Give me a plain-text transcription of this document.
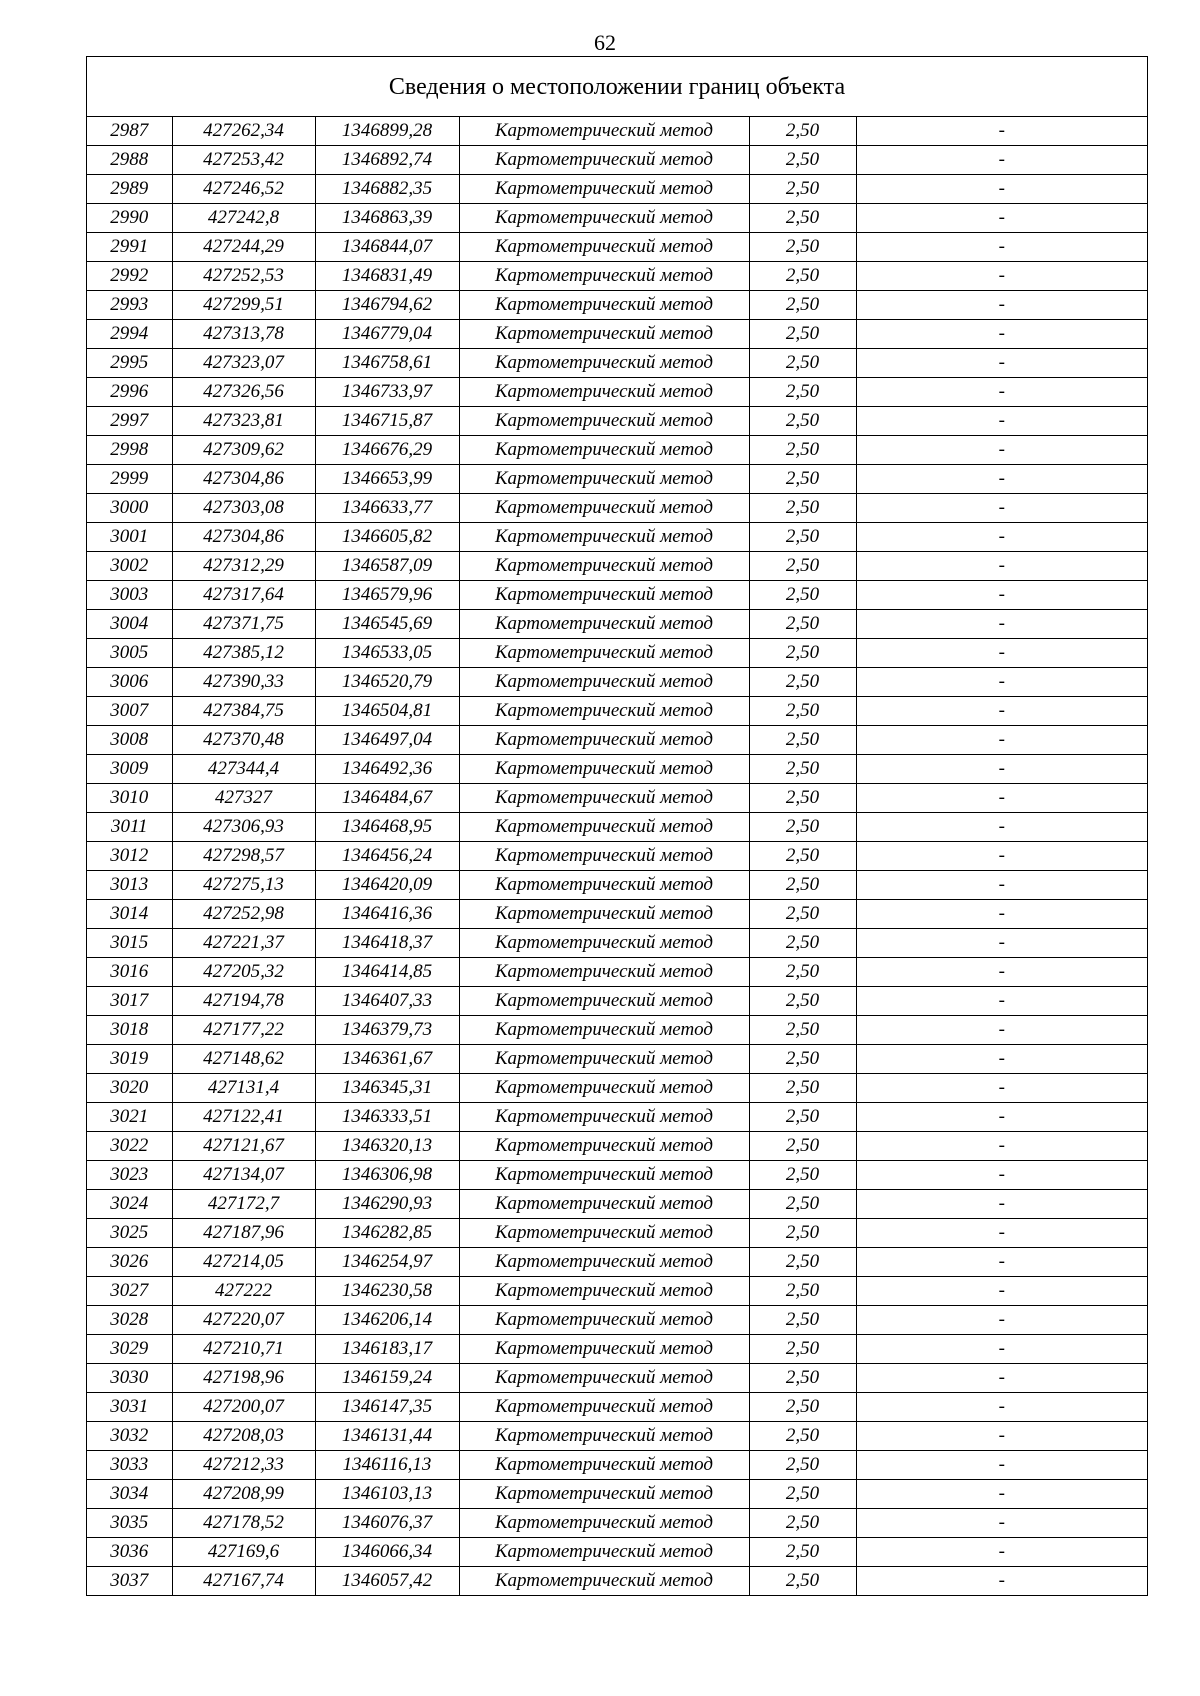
62
Сведения о местоположении границ объекта
2987	427262,34	1346899,28	Картометрический метод	2,50	-
2988	427253,42	1346892,74	Картометрический метод	2,50	-
2989	427246,52	1346882,35	Картометрический метод	2,50	-
2990	427242,8	1346863,39	Картометрический метод	2,50	-
2991	427244,29	1346844,07	Картометрический метод	2,50	-
2992	427252,53	1346831,49	Картометрический метод	2,50	-
2993	427299,51	1346794,62	Картометрический метод	2,50	-
2994	427313,78	1346779,04	Картометрический метод	2,50	-
2995	427323,07	1346758,61	Картометрический метод	2,50	-
2996	427326,56	1346733,97	Картометрический метод	2,50	-
2997	427323,81	1346715,87	Картометрический метод	2,50	-
2998	427309,62	1346676,29	Картометрический метод	2,50	-
2999	427304,86	1346653,99	Картометрический метод	2,50	-
3000	427303,08	1346633,77	Картометрический метод	2,50	-
3001	427304,86	1346605,82	Картометрический метод	2,50	-
3002	427312,29	1346587,09	Картометрический метод	2,50	-
3003	427317,64	1346579,96	Картометрический метод	2,50	-
3004	427371,75	1346545,69	Картометрический метод	2,50	-
3005	427385,12	1346533,05	Картометрический метод	2,50	-
3006	427390,33	1346520,79	Картометрический метод	2,50	-
3007	427384,75	1346504,81	Картометрический метод	2,50	-
3008	427370,48	1346497,04	Картометрический метод	2,50	-
3009	427344,4	1346492,36	Картометрический метод	2,50	-
3010	427327	1346484,67	Картометрический метод	2,50	-
3011	427306,93	1346468,95	Картометрический метод	2,50	-
3012	427298,57	1346456,24	Картометрический метод	2,50	-
3013	427275,13	1346420,09	Картометрический метод	2,50	-
3014	427252,98	1346416,36	Картометрический метод	2,50	-
3015	427221,37	1346418,37	Картометрический метод	2,50	-
3016	427205,32	1346414,85	Картометрический метод	2,50	-
3017	427194,78	1346407,33	Картометрический метод	2,50	-
3018	427177,22	1346379,73	Картометрический метод	2,50	-
3019	427148,62	1346361,67	Картометрический метод	2,50	-
3020	427131,4	1346345,31	Картометрический метод	2,50	-
3021	427122,41	1346333,51	Картометрический метод	2,50	-
3022	427121,67	1346320,13	Картометрический метод	2,50	-
3023	427134,07	1346306,98	Картометрический метод	2,50	-
3024	427172,7	1346290,93	Картометрический метод	2,50	-
3025	427187,96	1346282,85	Картометрический метод	2,50	-
3026	427214,05	1346254,97	Картометрический метод	2,50	-
3027	427222	1346230,58	Картометрический метод	2,50	-
3028	427220,07	1346206,14	Картометрический метод	2,50	-
3029	427210,71	1346183,17	Картометрический метод	2,50	-
3030	427198,96	1346159,24	Картометрический метод	2,50	-
3031	427200,07	1346147,35	Картометрический метод	2,50	-
3032	427208,03	1346131,44	Картометрический метод	2,50	-
3033	427212,33	1346116,13	Картометрический метод	2,50	-
3034	427208,99	1346103,13	Картометрический метод	2,50	-
3035	427178,52	1346076,37	Картометрический метод	2,50	-
3036	427169,6	1346066,34	Картометрический метод	2,50	-
3037	427167,74	1346057,42	Картометрический метод	2,50	-
